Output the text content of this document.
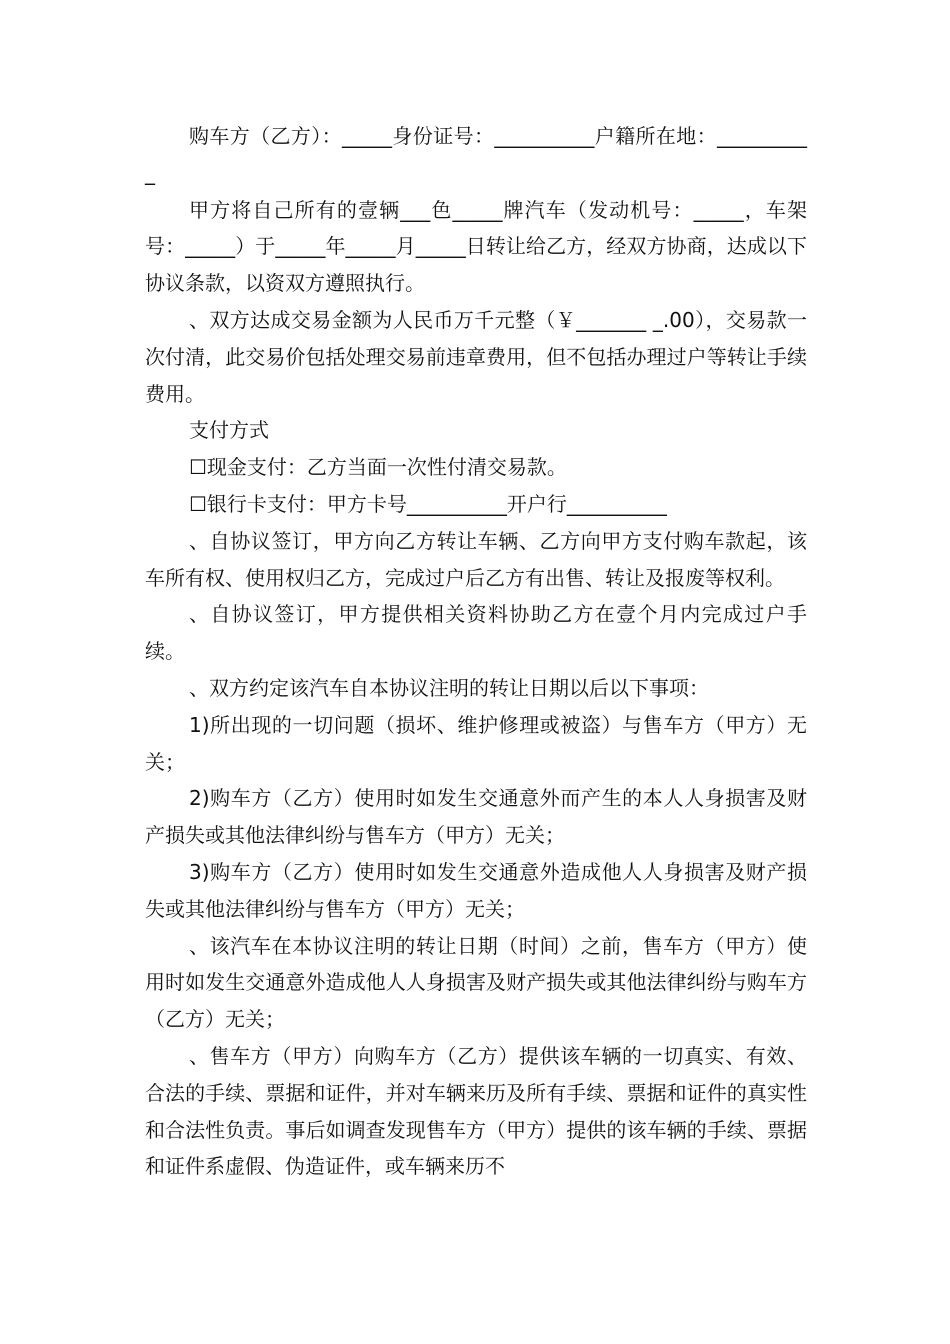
购车方（乙方）：_____身份证号：__________户籍所在地：__________

甲方将自己所有的壹辆___色_____牌汽车（发动机号：_____，车架号：_____）于_____年_____月_____日转让给乙方，经双方协商，达成以下协议条款，以资双方遵照执行。

、双方达成交易金额为人民币万千元整（￥_______ _.00），交易款一次付清，此交易价包括处理交易前违章费用，但不包括办理过户等转让手续费用。

支付方式

☐现金支付：乙方当面一次性付清交易款。

☐银行卡支付：甲方卡号__________开户行__________

、自协议签订，甲方向乙方转让车辆、乙方向甲方支付购车款起，该车所有权、使用权归乙方，完成过户后乙方有出售、转让及报废等权利。

、自协议签订，甲方提供相关资料协助乙方在壹个月内完成过户手续。

、双方约定该汽车自本协议注明的转让日期以后以下事项：

1)所出现的一切问题（损坏、维护修理或被盗）与售车方（甲方）无关；

2)购车方（乙方）使用时如发生交通意外而产生的本人人身损害及财产损失或其他法律纠纷与售车方（甲方）无关；

3)购车方（乙方）使用时如发生交通意外造成他人人身损害及财产损失或其他法律纠纷与售车方（甲方）无关；

、该汽车在本协议注明的转让日期（时间）之前，售车方（甲方）使用时如发生交通意外造成他人人身损害及财产损失或其他法律纠纷与购车方（乙方）无关；

、售车方（甲方）向购车方（乙方）提供该车辆的一切真实、有效、合法的手续、票据和证件，并对车辆来历及所有手续、票据和证件的真实性和合法性负责。事后如调查发现售车方（甲方）提供的该车辆的手续、票据和证件系虚假、伪造证件，或车辆来历不
